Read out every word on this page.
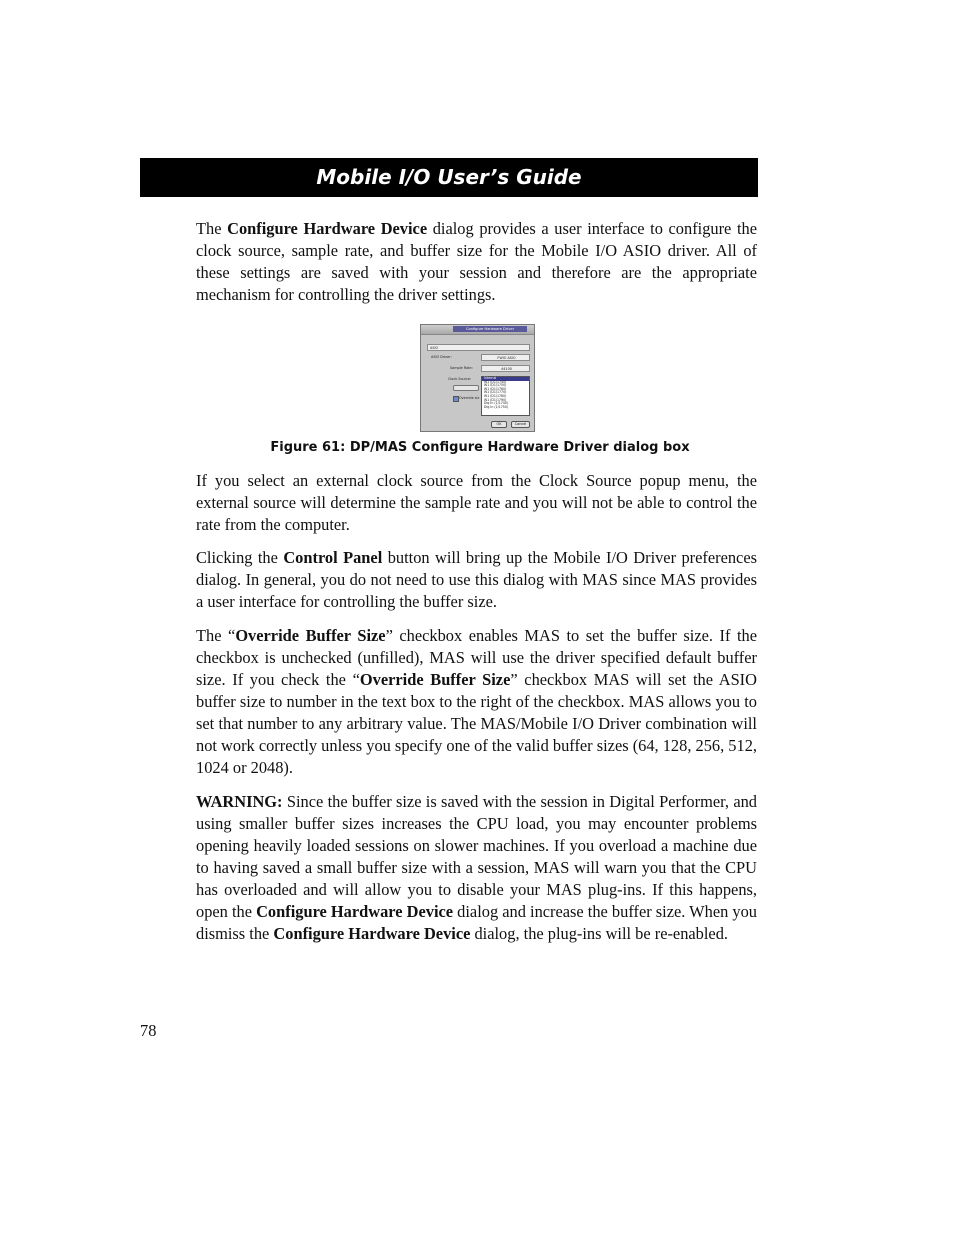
Mobile I/O User’s Guide

The Configure Hardware Device dialog provides a user interface to configure the clock source, sample rate, and buffer size for the Mobile I/O ASIO driver. All of these settings are saved with your session and therefore are the appropriate mechanism for controlling the driver settings.

Configure Hardware Driver
ASIO
ASIO Driver:	FWIO ASIO
Sample Rate:	44100
Clock Source:	Internal
W1 (D1/1740)
W1 (D1/1750)
W1 (D1/1760)
W1 (D1/1770)
W1 (D1/1780)
W1 (D1/1790)
Dig In (1/1740)
Dig In (1/1750)
Override siz
OK	Cancel
Figure 61: DP/MAS Configure Hardware Driver dialog box

If you select an external clock source from the Clock Source popup menu, the external source will determine the sample rate and you will not be able to control the rate from the computer.

Clicking the Control Panel button will bring up the Mobile I/O Driver preferences dialog. In general, you do not need to use this dialog with MAS since MAS provides a user interface for controlling the buffer size.

The “Override Buffer Size” checkbox enables MAS to set the buffer size. If the checkbox is unchecked (unfilled), MAS will use the driver specified default buffer size. If you check the “Override Buffer Size” checkbox MAS will set the ASIO buffer size to number in the text box to the right of the checkbox. MAS allows you to set that number to any arbitrary value. The MAS/Mobile I/O Driver combination will not work correctly unless you specify one of the valid buffer sizes (64, 128, 256, 512, 1024 or 2048).

WARNING: Since the buffer size is saved with the session in Digital Performer, and using smaller buffer sizes increases the CPU load, you may encounter problems opening heavily loaded sessions on slower machines. If you overload a machine due to having saved a small buffer size with a session, MAS will warn you that the CPU has overloaded and will allow you to disable your MAS plug-ins. If this happens, open the Configure Hardware Device dialog and increase the buffer size. When you dismiss the Configure Hardware Device dialog, the plug-ins will be re-enabled.

78
